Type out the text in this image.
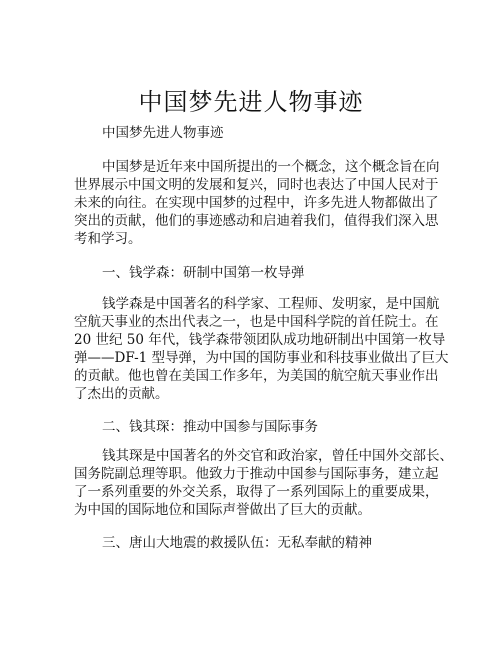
中国梦先进人物事迹
中国梦先进人物事迹
中国梦是近年来中国所提出的一个概念，这个概念旨在向
世界展示中国文明的发展和复兴，同时也表达了中国人民对于
未来的向往。在实现中国梦的过程中，许多先进人物都做出了
突出的贡献，他们的事迹感动和启迪着我们，值得我们深入思
考和学习。
一、钱学森：研制中国第一枚导弹
钱学森是中国著名的科学家、工程师、发明家，是中国航
空航天事业的杰出代表之一，也是中国科学院的首任院士。在
20 世纪 50 年代，钱学森带领团队成功地研制出中国第一枚导
弹——DF-1 型导弹，为中国的国防事业和科技事业做出了巨大
的贡献。他也曾在美国工作多年，为美国的航空航天事业作出
了杰出的贡献。
二、钱其琛：推动中国参与国际事务
钱其琛是中国著名的外交官和政治家，曾任中国外交部长、
国务院副总理等职。他致力于推动中国参与国际事务，建立起
了一系列重要的外交关系，取得了一系列国际上的重要成果，
为中国的国际地位和国际声誉做出了巨大的贡献。
三、唐山大地震的救援队伍：无私奉献的精神
